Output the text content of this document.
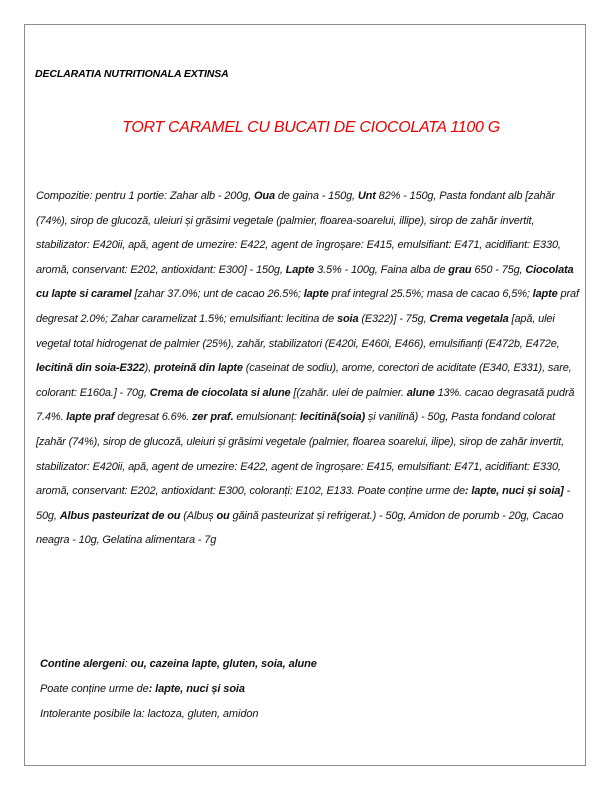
DECLARATIA NUTRITIONALA EXTINSA
TORT CARAMEL CU BUCATI DE CIOCOLATA 1100 G
Compozitie: pentru 1 portie: Zahar alb - 200g, Oua de gaina - 150g, Unt 82% - 150g, Pasta fondant alb [zahăr (74%), sirop de glucoză, uleiuri și grăsimi vegetale (palmier, floarea-soarelui, illipe), sirop de zahăr invertit, stabilizator: E420ii, apă, agent de umezire: E422, agent de îngroșare: E415, emulsifiant: E471, acidifiant: E330, aromă, conservant: E202, antioxidant: E300] - 150g, Lapte 3.5% - 100g, Faina alba de grau 650 - 75g, Ciocolata cu lapte si caramel [zahar 37.0%; unt de cacao 26.5%; lapte praf integral 25.5%; masa de cacao 6,5%; lapte praf degresat 2.0%; Zahar caramelizat 1.5%; emulsifiant: lecitina de soia (E322)] - 75g, Crema vegetala [apă, ulei vegetal total hidrogenat de palmier (25%), zahăr, stabilizatori (E420i, E460i, E466), emulsifianți (E472b, E472e, lecitină din soia-E322), proteină din lapte (caseinat de sodiu), arome, corectori de aciditate (E340, E331), sare, colorant: E160a.] - 70g, Crema de ciocolata si alune [(zahăr. ulei de palmier. alune 13%. cacao degrasată pudră 7.4%. lapte praf degresat 6.6%. zer praf. emulsionanț: lecitină(soia) și vanilină) - 50g, Pasta fondand colorat [zahăr (74%), sirop de glucoză, uleiuri și grăsimi vegetale (palmier, floarea soarelui, ilipe), sirop de zahăr invertit, stabilizator: E420ii, apă, agent de umezire: E422, agent de îngroșare: E415, emulsifiant: E471, acidifiant: E330, aromă, conservant: E202, antioxidant: E300, coloranți: E102, E133. Poate conține urme de: lapte, nuci și soia] - 50g, Albus pasteurizat de ou (Albuș ou găină pasteurizat și refrigerat.) - 50g, Amidon de porumb - 20g, Cacao neagra - 10g, Gelatina alimentara - 7g
Contine alergeni: ou, cazeina lapte, gluten, soia, alune
Poate conține urme de: lapte, nuci și soia
Intolerante posibile la: lactoza, gluten, amidon
